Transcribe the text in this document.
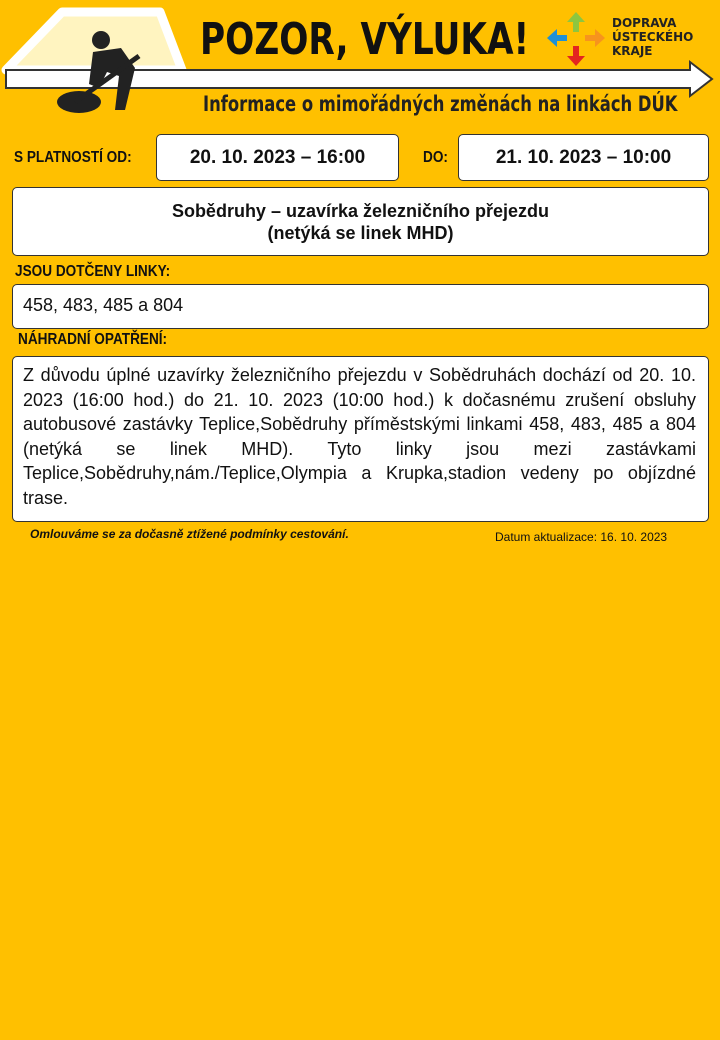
POZOR, VÝLUKA!
Informace o mimořádných změnách na linkách DÚK
DOPRAVA
ÚSTECKÉHO
KRAJE
S PLATNOSTÍ OD:	20. 10. 2023 – 16:00	DO:	21. 10. 2023 – 10:00
Sobědruhy – uzavírka železničního přejezdu
(netýká se linek MHD)
JSOU DOTČENY LINKY:
458, 483, 485 a 804
NÁHRADNÍ OPATŘENÍ:
Z důvodu úplné uzavírky železničního přejezdu v Sobědruhách dochází od 20. 10. 2023 (16:00 hod.) do 21. 10. 2023 (10:00 hod.) k dočasnému zrušení obsluhy autobusové zastávky Teplice,Sobědruhy příměstskými linkami 458, 483, 485 a 804 (netýká se linek MHD). Tyto linky jsou mezi zastávkami Teplice,Sobědruhy,nám./Teplice,Olympia a Krupka,stadion vedeny po objízdné trase.
Omlouváme se za dočasně ztížené podmínky cestování.	Datum aktualizace: 16. 10. 2023
